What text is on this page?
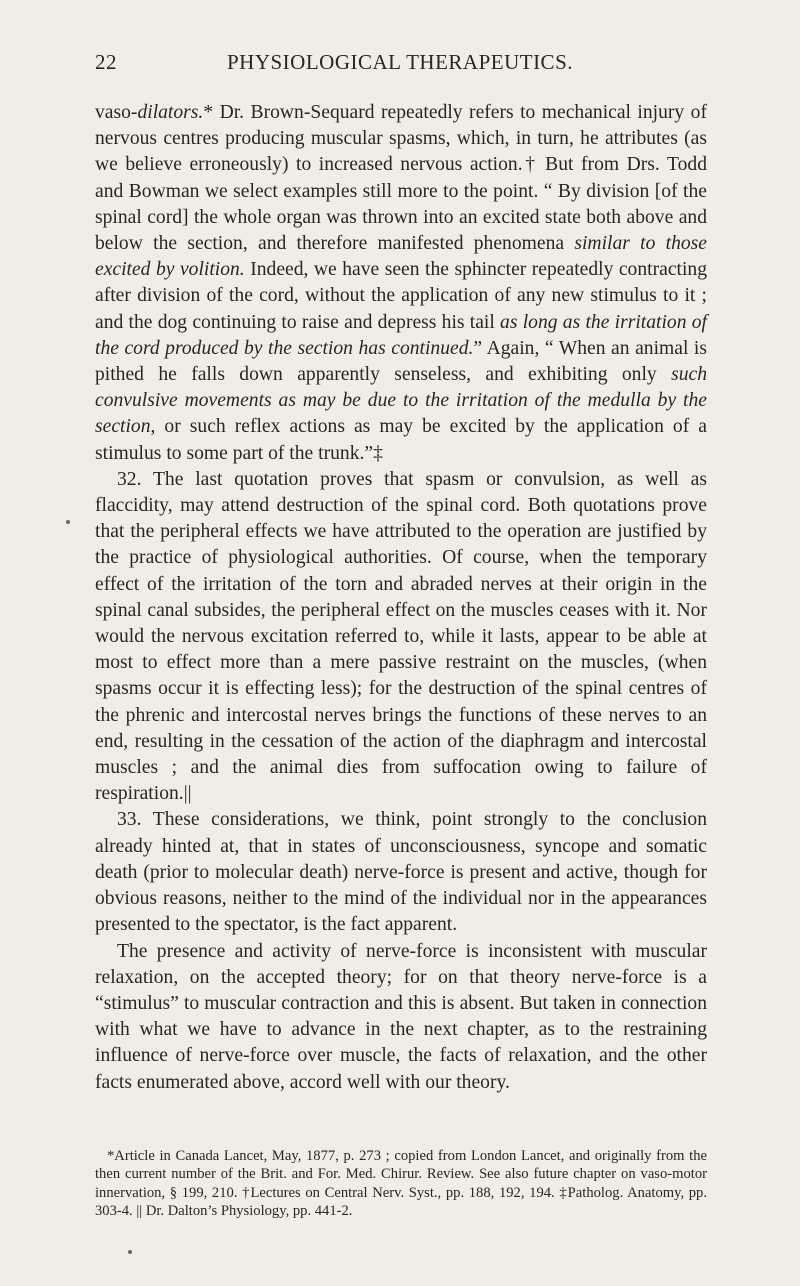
22	PHYSIOLOGICAL THERAPEUTICS.

vaso-dilators.* Dr. Brown-Sequard repeatedly refers to mechanical injury of nervous centres producing muscular spasms, which, in turn, he attributes (as we believe erroneously) to increased nervous action.† But from Drs. Todd and Bowman we select examples still more to the point. “ By division [of the spinal cord] the whole organ was thrown into an excited state both above and below the section, and therefore manifested phenomena similar to those excited by volition. Indeed, we have seen the sphincter repeatedly contracting after division of the cord, without the application of any new stimulus to it ; and the dog continuing to raise and depress his tail as long as the irritation of the cord produced by the section has continued.” Again, “ When an animal is pithed he falls down apparently senseless, and exhibiting only such convulsive movements as may be due to the irritation of the medulla by the section, or such reflex actions as may be excited by the application of a stimulus to some part of the trunk.”‡

32. The last quotation proves that spasm or convulsion, as well as flaccidity, may attend destruction of the spinal cord. Both quotations prove that the peripheral effects we have attributed to the operation are justified by the practice of physiological authorities. Of course, when the temporary effect of the irritation of the torn and abraded nerves at their origin in the spinal canal subsides, the peripheral effect on the muscles ceases with it. Nor would the nervous excitation referred to, while it lasts, appear to be able at most to effect more than a mere passive restraint on the muscles, (when spasms occur it is effecting less); for the destruction of the spinal centres of the phrenic and intercostal nerves brings the functions of these nerves to an end, resulting in the cessation of the action of the diaphragm and intercostal muscles ; and the animal dies from suffocation owing to failure of respiration.||

33. These considerations, we think, point strongly to the conclusion already hinted at, that in states of unconsciousness, syncope and somatic death (prior to molecular death) nerve-force is present and active, though for obvious reasons, neither to the mind of the individual nor in the appearances presented to the spectator, is the fact apparent.

The presence and activity of nerve-force is inconsistent with muscular relaxation, on the accepted theory; for on that theory nerve-force is a “stimulus” to muscular contraction and this is absent. But taken in connection with what we have to advance in the next chapter, as to the restraining influence of nerve-force over muscle, the facts of relaxation, and the other facts enumerated above, accord well with our theory.

*Article in Canada Lancet, May, 1877, p. 273 ; copied from London Lancet, and originally from the then current number of the Brit. and For. Med. Chirur. Review. See also future chapter on vaso-motor innervation, § 199, 210. †Lectures on Central Nerv. Syst., pp. 188, 192, 194. ‡Patholog. Anatomy, pp. 303-4. || Dr. Dalton’s Physiology, pp. 441-2.
